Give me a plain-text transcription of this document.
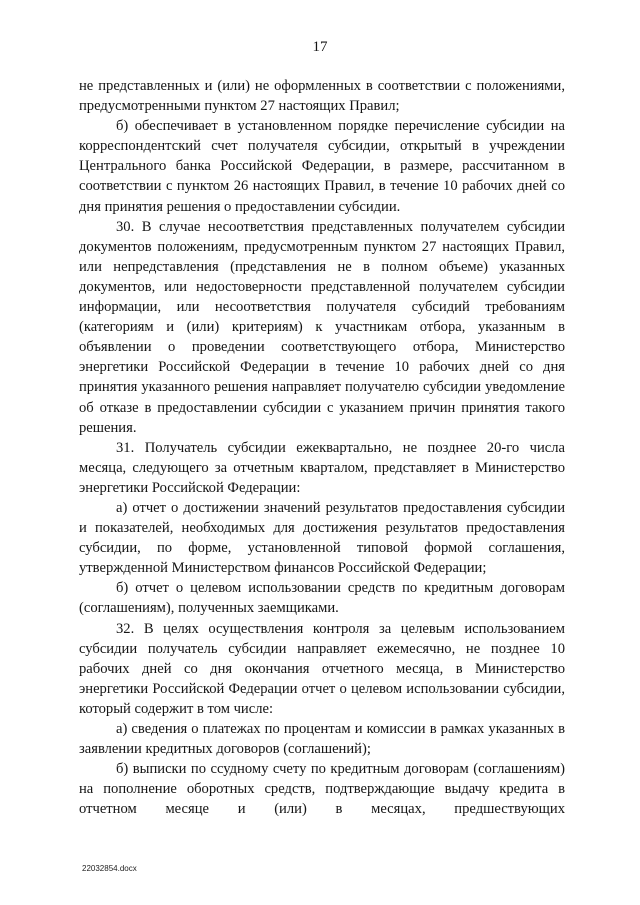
17

не представленных и (или) не оформленных в соответствии с положениями, предусмотренными пунктом 27 настоящих Правил;

б) обеспечивает в установленном порядке перечисление субсидии на корреспондентский счет получателя субсидии, открытый в учреждении Центрального банка Российской Федерации, в размере, рассчитанном в соответствии с пунктом 26 настоящих Правил, в течение 10 рабочих дней со дня принятия решения о предоставлении субсидии.

30. В случае несоответствия представленных получателем субсидии документов положениям, предусмотренным пунктом 27 настоящих Правил, или непредставления (представления не в полном объеме) указанных документов, или недостоверности представленной получателем субсидии информации, или несоответствия получателя субсидий требованиям (категориям и (или) критериям) к участникам отбора, указанным в объявлении о проведении соответствующего отбора, Министерство энергетики Российской Федерации в течение 10 рабочих дней со дня принятия указанного решения направляет получателю субсидии уведомление об отказе в предоставлении субсидии с указанием причин принятия такого решения.

31. Получатель субсидии ежеквартально, не позднее 20-го числа месяца, следующего за отчетным кварталом, представляет в Министерство энергетики Российской Федерации:

а) отчет о достижении значений результатов предоставления субсидии и показателей, необходимых для достижения результатов предоставления субсидии, по форме, установленной типовой формой соглашения, утвержденной Министерством финансов Российской Федерации;

б) отчет о целевом использовании средств по кредитным договорам (соглашениям), полученных заемщиками.

32. В целях осуществления контроля за целевым использованием субсидии получатель субсидии направляет ежемесячно, не позднее 10 рабочих дней со дня окончания отчетного месяца, в Министерство энергетики Российской Федерации отчет о целевом использовании субсидии, который содержит в том числе:

а) сведения о платежах по процентам и комиссии в рамках указанных в заявлении кредитных договоров (соглашений);

б) выписки по ссудному счету по кредитным договорам (соглашениям) на пополнение оборотных средств, подтверждающие выдачу кредита в отчетном месяце и (или) в месяцах, предшествующих

22032854.docx
